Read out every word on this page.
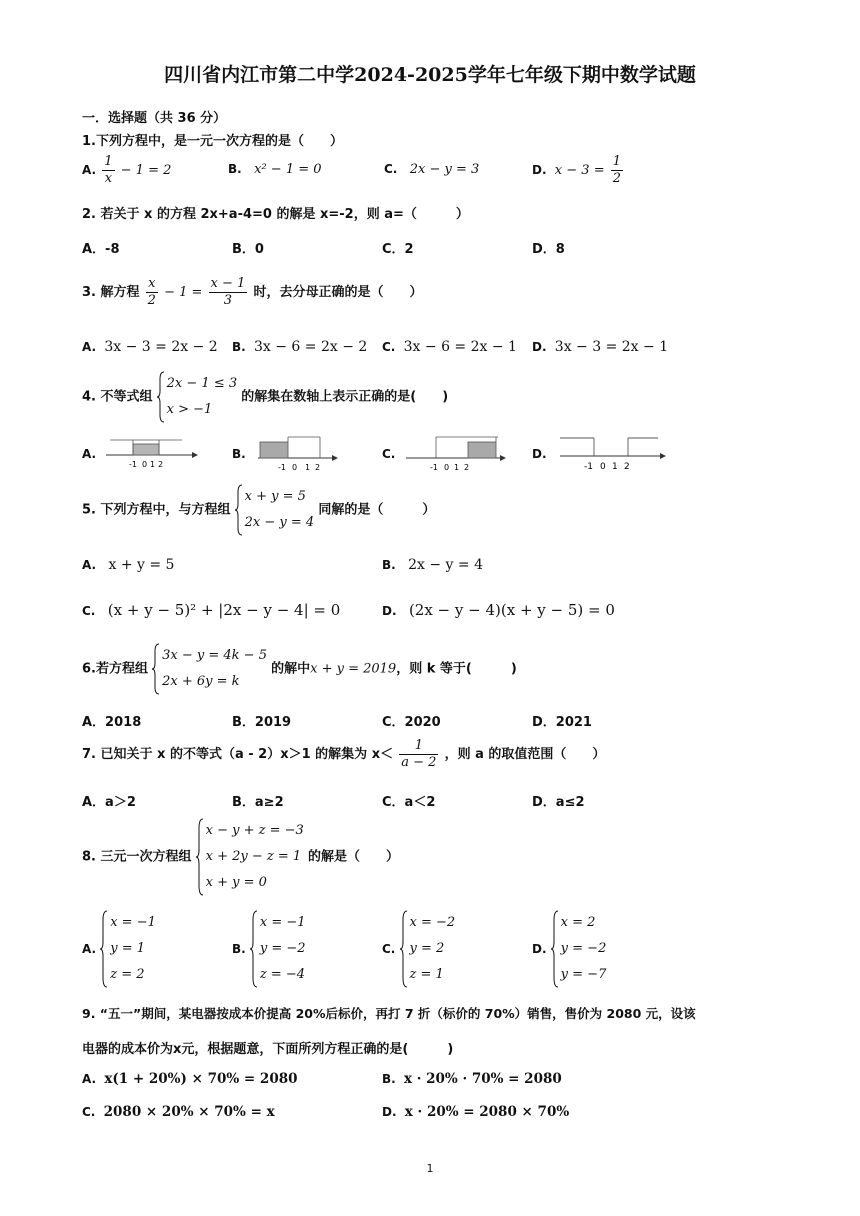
四川省内江市第二中学2024-2025学年七年级下期中数学试题
一．选择题（共 36 分）
1.下列方程中，是一元一次方程的是（　　）
A. $\frac{1}{x} - 1 = 2$	B. x² − 1 = 0	C. 2x − y = 3	D. $x - 3 = \frac{1}{2}$
2. 若关于 x 的方程 2x+a-4=0 的解是 x=-2，则 a=（　　　）
A．-8	B．0	C．2	D．8
3. 解方程 $\frac{x}{2} - 1 = \frac{x - 1}{3}$ 时，去分母正确的是（　　）
A. 3x − 3 = 2x − 2 B. 3x − 6 = 2x − 2 C. 3x − 6 = 2x − 1 D. 3x − 3 = 2x − 1
4. 不等式组
2x − 1 ≤ 3
x > −1
的解集在数轴上表示正确的是(　　)
A.
-1 0 1 2
B.
-1 0 1 2
C.
-1 0 1 2
D.
-1 0 1 2
5. 下列方程中，与方程组
x + y = 5
2x − y = 4
同解的是（　　　）
A. x + y = 5	B. 2x − y = 4
C. (x + y − 5)² + |2x − y − 4| = 0	D. (2x − y − 4)(x + y − 5) = 0
6.若方程组
3x − y = 4k − 5
2x + 6y = k
的解中x + y = 2019，则 k 等于(　　　)
A．2018	B．2019	C．2020	D．2021
7. 已知关于 x 的不等式（a - 2）x＞1 的解集为 $x< \frac{1}{a - 2}$ ，则 a 的取值范围（　　）
A．a＞2	B．a≥2	C．a＜2	D．a≤2
8. 三元一次方程组
x − y + z = −3
x + 2y − z = 1
x + y = 0
的解是（　　）
A.
x = −1
y = 1
z = 2
B.
x = −1
y = −2
z = −4
C.
x = −2
y = 2
z = 1
D.
x = 2
y = −2
y = −7
9. “五一”期间，某电器按成本价提高 20%后标价，再打 7 折（标价的 70%）销售，售价为 2080 元，设该
电器的成本价为x元，根据题意，下面所列方程正确的是(　　　)
A. x(1 + 20%) × 70% = 2080	B. x · 20% · 70% = 2080
C. 2080 × 20% × 70% = x	D. x · 20% = 2080 × 70%
1
